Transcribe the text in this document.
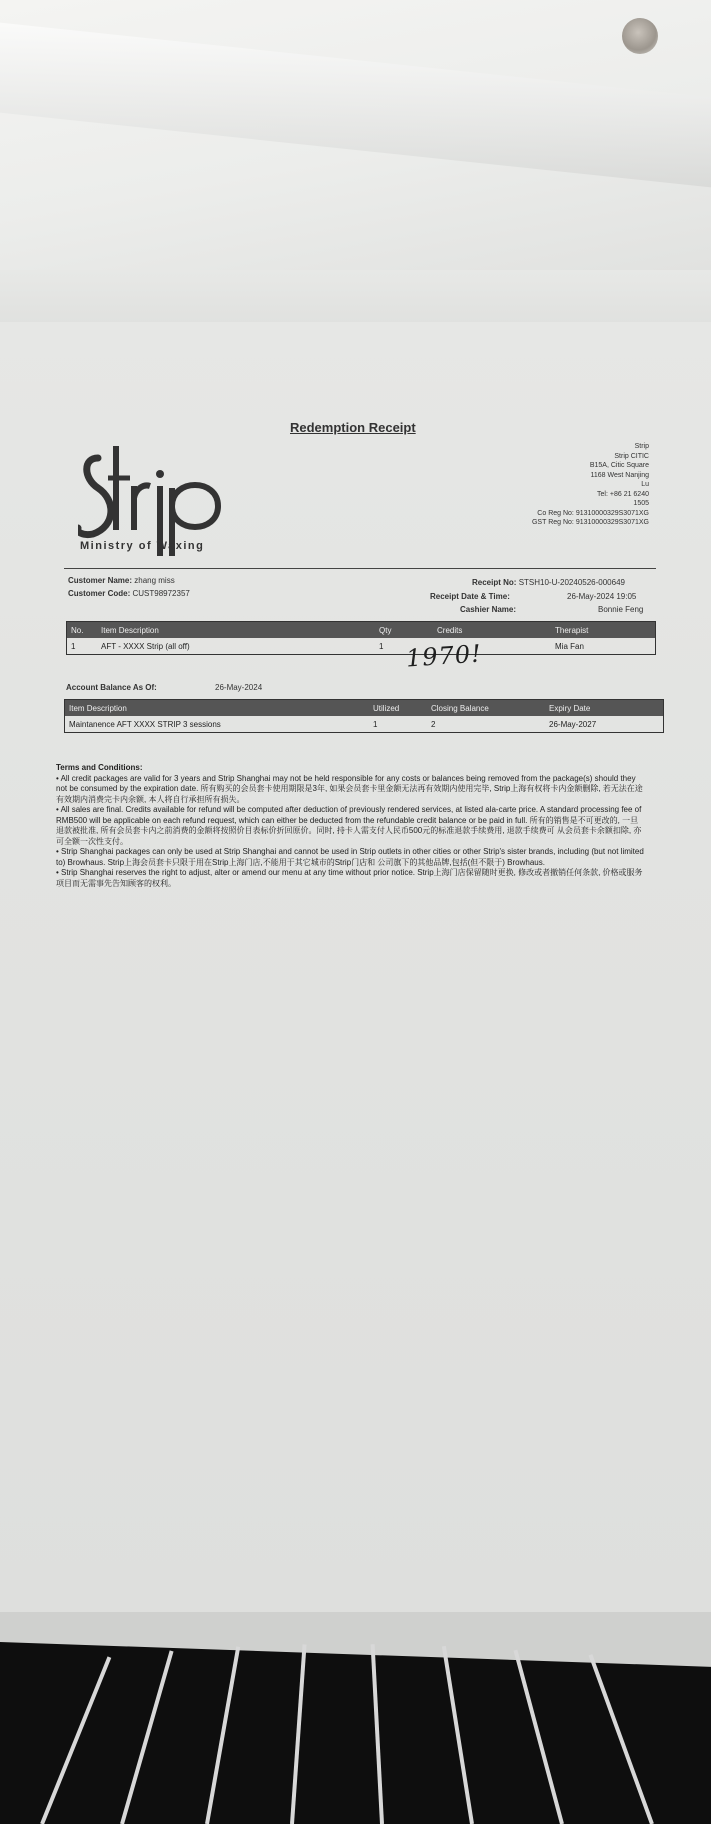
Redemption Receipt
Ministry of Waxing
Strip
Strip CITIC
B15A, Citic Square
1168 West Nanjing
Lu
Tel: +86 21 6240
1505
Co Reg No: 91310000329S3071XG
GST Reg No: 91310000329S3071XG
Customer Name: zhang miss
Customer Code: CUST98972357
Receipt No: STSH10-U-20240526-000649
Receipt Date & Time:	26-May-2024 19:05
Cashier Name:	Bonnie Feng
No.	Item Description	Qty	Credits	Therapist
1	AFT - XXXX Strip (all off)	1		Mia Fan
1970!
Account Balance As Of:	26-May-2024
Item Description	Utilized	Closing Balance	Expiry Date
Maintanence AFT XXXX STRIP 3 sessions	1	2	26-May-2027

Terms and Conditions:

• All credit packages are valid for 3 years and Strip Shanghai may not be held responsible for any costs or balances being removed from the package(s) should they not be consumed by the expiration date. 所有购买的会员套卡使用期限是3年, 如果会员套卡里金额无法再有效期内使用完毕, Strip上海有权将卡内金额删除, 若无法在途有效期内消费完卡内余额, 本人将自行承担所有损失。

• All sales are final. Credits available for refund will be computed after deduction of previously rendered services, at listed ala-carte price. A standard processing fee of RMB500 will be applicable on each refund request, which can either be deducted from the refundable credit balance or be paid in full. 所有的销售是不可更改的, 一旦退款被批准, 所有会员套卡内之前消费的金额将按照价目表标价折回原价。同时, 持卡人需支付人民币500元的标准退款手续费用, 退款手续费可 从会员套卡余额扣除, 亦可全额一次性支付。

• Strip Shanghai packages can only be used at Strip Shanghai and cannot be used in Strip outlets in other cities or other Strip's sister brands, including (but not limited to) Browhaus. Strip上海会员套卡只限于用在Strip上海门店,不能用于其它城市的Strip门店和 公司旗下的其他品牌,包括(但不限于) Browhaus.

• Strip Shanghai reserves the right to adjust, alter or amend our menu at any time without prior notice. Strip上海门店保留随时更换, 修改或者撤销任何条款, 价格或服务项目而无需事先告知顾客的权利。
